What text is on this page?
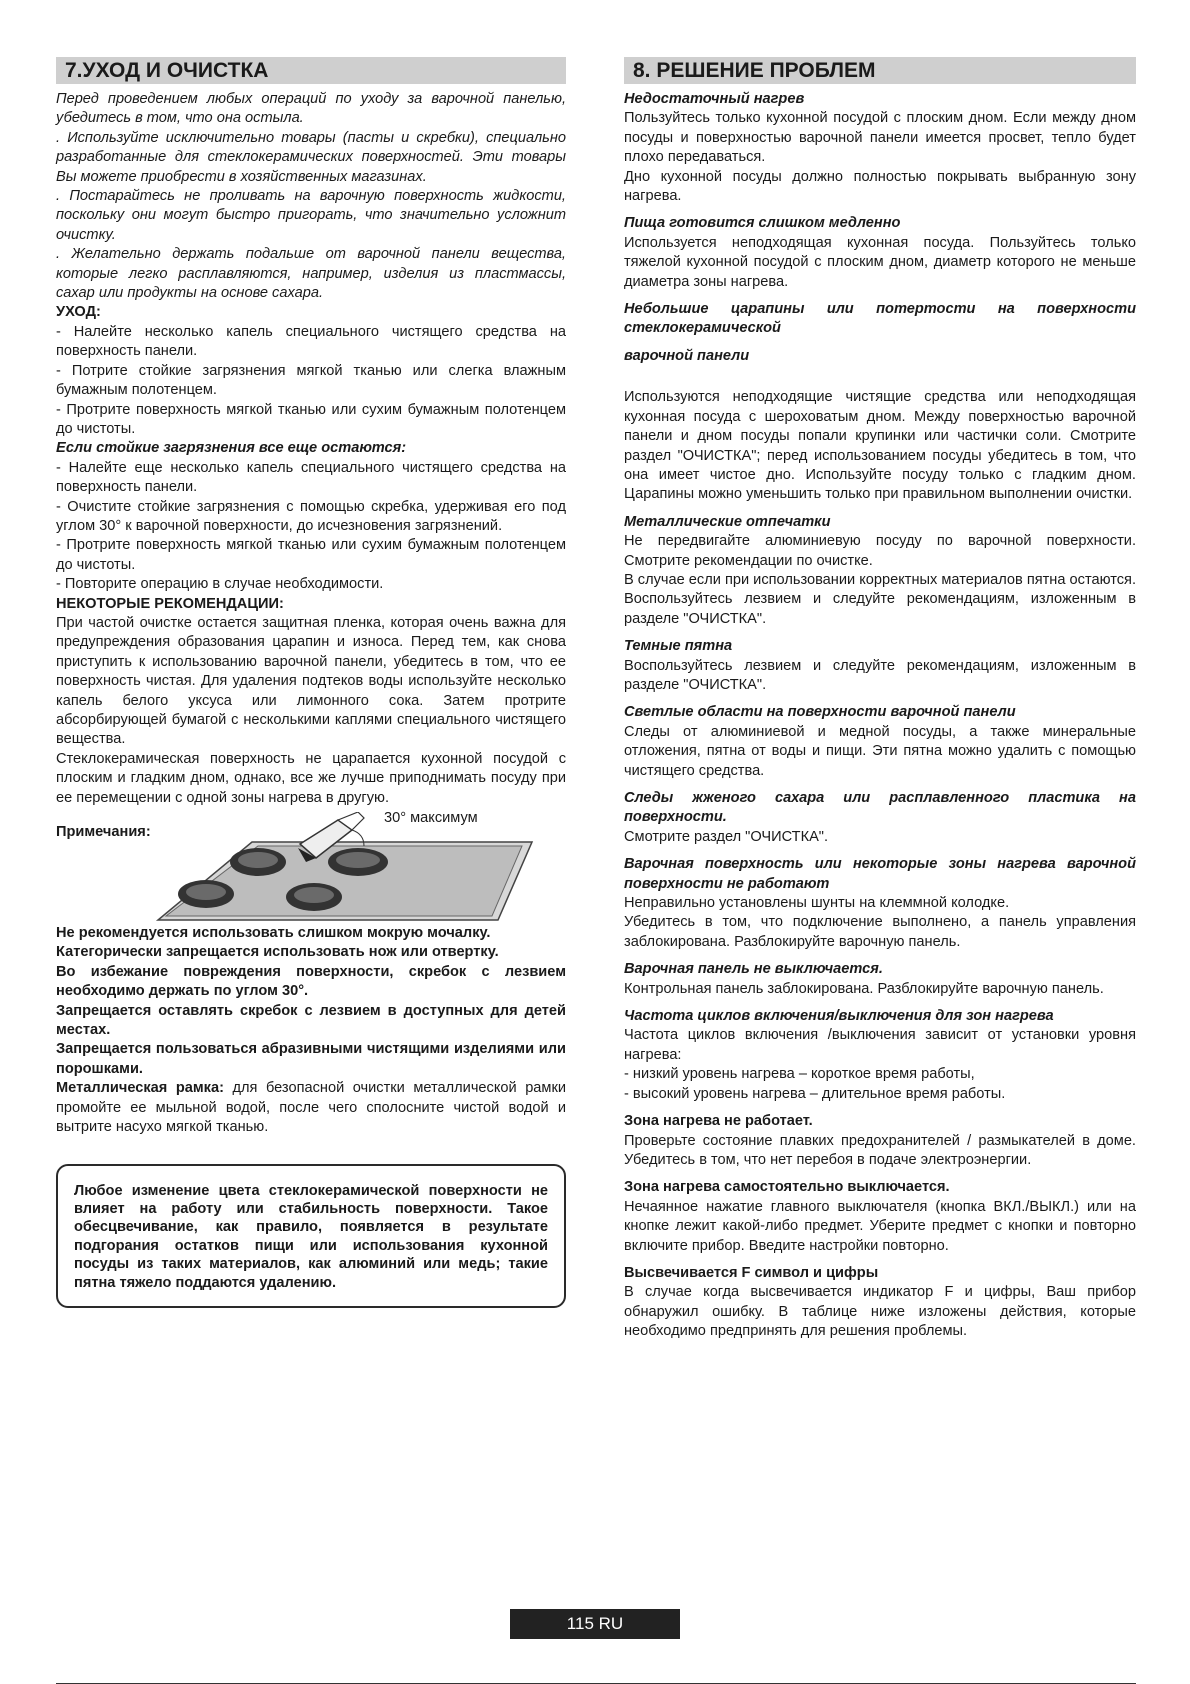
7.УХОД И ОЧИСТКА

Перед проведением любых операций по уходу за варочной панелью, убедитесь в том, что она остыла.

. Используйте исключительно товары (пасты и скребки), специально разработанные для стеклокерамических поверхностей. Эти товары Вы можете приобрести в хозяйственных магазинах.

. Постарайтесь не проливать на варочную поверхность жидкости, поскольку они могут быстро пригорать, что значительно усложнит очистку.

. Желательно держать подальше от варочной панели вещества, которые легко расплавляются, например, изделия из пластмассы, сахар или продукты на основе сахара.

УХОД:

- Налейте несколько капель специального чистящего средства на поверхность панели.

- Потрите стойкие загрязнения мягкой тканью или слегка влажным бумажным полотенцем.

- Протрите поверхность мягкой тканью или сухим бумажным полотенцем до чистоты.

Если стойкие загрязнения все еще остаются:

- Налейте еще несколько капель специального чистящего средства на поверхность панели.

- Очистите стойкие загрязнения с помощью скребка, удерживая его под углом 30° к варочной поверхности, до исчезновения загрязнений.

- Протрите поверхность мягкой тканью или сухим бумажным полотенцем до чистоты.

- Повторите операцию в случае необходимости.

НЕКОТОРЫЕ РЕКОМЕНДАЦИИ:

При частой очистке остается защитная пленка, которая очень важна для предупреждения образования царапин и износа. Перед тем, как снова приступить к использованию варочной панели, убедитесь в том, что ее поверхность чистая. Для удаления подтеков воды используйте несколько капель белого уксуса или лимонного сока. Затем протрите абсорбирующей бумагой с несколькими каплями специального чистящего вещества.

Стеклокерамическая поверхность не царапается кухонной посудой с плоским и гладким дном, однако, все же лучше приподнимать посуду при ее перемещении с одной зоны нагрева в другую.

Примечания:
30° максимум

Не рекомендуется использовать слишком мокрую мочалку.

Категорически запрещается использовать нож или отвертку.

Во избежание повреждения поверхности, скребок с лезвием необходимо держать по углом 30°.

Запрещается оставлять скребок с лезвием в доступных для детей местах.

Запрещается пользоваться абразивными чистящими изделиями или порошками.

Металлическая рамка: для безопасной очистки металлической рамки промойте ее мыльной водой, после чего сполосните чистой водой и вытрите насухо мягкой тканью.

Любое изменение цвета стеклокерамической поверхности не влияет на работу или стабильность поверхности. Такое обесцвечивание, как правило, появляется в результате подгорания остатков пищи или использования кухонной посуды из таких материалов, как алюминий или медь; такие пятна тяжело поддаются удалению.
8. РЕШЕНИЕ ПРОБЛЕМ

Недостаточный нагрев

Пользуйтесь только кухонной посудой с плоским дном. Если между дном посуды и поверхностью варочной панели имеется просвет, тепло будет плохо передаваться.

Дно кухонной посуды должно полностью покрывать выбранную зону нагрева.

Пища готовится слишком медленно

Используется неподходящая кухонная посуда. Пользуйтесь только тяжелой кухонной посудой с плоским дном, диаметр которого не меньше диаметра зоны нагрева.

Небольшие царапины или потертости на поверхности стеклокерамической

варочной панели

Используются неподходящие чистящие средства или неподходящая кухонная посуда с шероховатым дном. Между поверхностью варочной панели и дном посуды попали крупинки или частички соли. Смотрите раздел "ОЧИСТКА"; перед использованием посуды убедитесь в том, что она имеет чистое дно. Используйте посуду только с гладким дном. Царапины можно уменьшить только при правильном выполнении очистки.

Металлические отпечатки

Не передвигайте алюминиевую посуду по варочной поверхности. Смотрите рекомендации по очистке.

В случае если при использовании корректных материалов пятна остаются. Воспользуйтесь лезвием и следуйте рекомендациям, изложенным в разделе "ОЧИСТКА".

Темные пятна

Воспользуйтесь лезвием и следуйте рекомендациям, изложенным в разделе "ОЧИСТКА".

Светлые области на поверхности варочной панели

Следы от алюминиевой и медной посуды, а также минеральные отложения, пятна от воды и пищи. Эти пятна можно удалить с помощью чистящего средства.

Следы жженого сахара или расплавленного пластика на поверхности.

Смотрите раздел "ОЧИСТКА".

Варочная поверхность или некоторые зоны нагрева варочной поверхности не работают

Неправильно установлены шунты на клеммной колодке.

Убедитесь в том, что подключение выполнено, а панель управления заблокирована. Разблокируйте варочную панель.

Варочная панель не выключается.

Контрольная панель заблокирована. Разблокируйте варочную панель.

Частота циклов включения/выключения для зон нагрева

Частота циклов включения /выключения зависит от установки уровня нагрева:

- низкий уровень нагрева – короткое время работы,

- высокий уровень нагрева – длительное время работы.

Зона нагрева не работает.

Проверьте состояние плавких предохранителей / размыкателей в доме. Убедитесь в том, что нет перебоя в подаче электроэнергии.

Зона нагрева самостоятельно выключается.

Нечаянное нажатие главного выключателя (кнопка ВКЛ./ВЫКЛ.) или на кнопке лежит какой-либо предмет. Уберите предмет с кнопки и повторно включите прибор. Введите настройки повторно.

Высвечивается F символ и цифры

В случае когда высвечивается индикатор F и цифры, Ваш прибор обнаружил ошибку. В таблице ниже изложены действия, которые необходимо предпринять для решения проблемы.

115 RU
